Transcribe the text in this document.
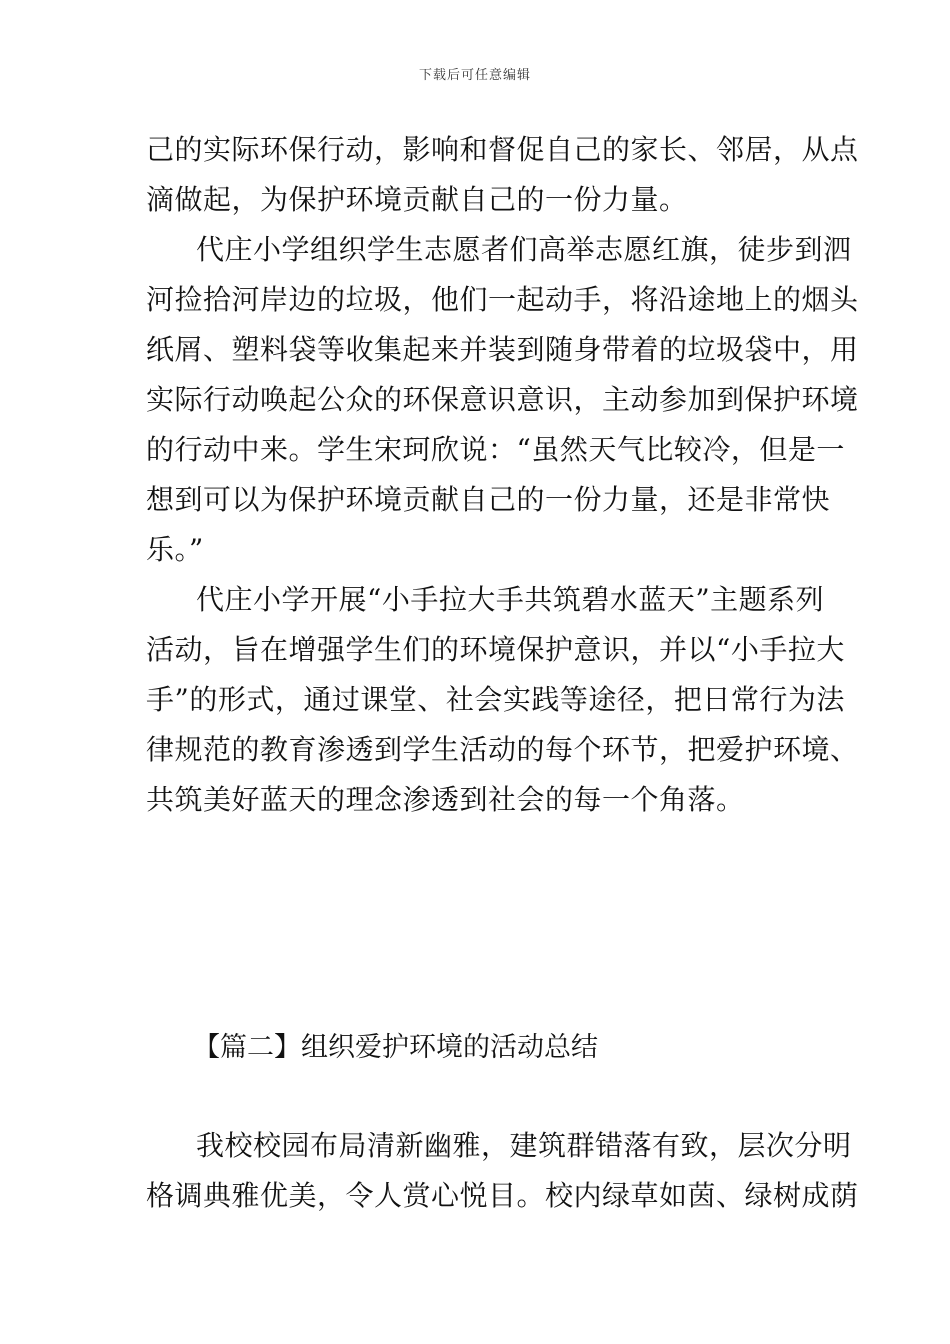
下载后可任意编辑
己的实际环保行动，影响和督促自己的家长、邻居，从点
滴做起，为保护环境贡献自己的一份力量。
代庄小学组织学生志愿者们高举志愿红旗，徒步到泗
河捡拾河岸边的垃圾，他们一起动手，将沿途地上的烟头
纸屑、塑料袋等收集起来并装到随身带着的垃圾袋中，用
实际行动唤起公众的环保意识意识，主动参加到保护环境
的行动中来。学生宋珂欣说：“虽然天气比较冷，但是一
想到可以为保护环境贡献自己的一份力量，还是非常快
乐。”
代庄小学开展“小手拉大手共筑碧水蓝天”主题系列
活动，旨在增强学生们的环境保护意识，并以“小手拉大
手”的形式，通过课堂、社会实践等途径，把日常行为法
律规范的教育渗透到学生活动的每个环节，把爱护环境、
共筑美好蓝天的理念渗透到社会的每一个角落。
【篇二】组织爱护环境的活动总结
我校校园布局清新幽雅，建筑群错落有致，层次分明
格调典雅优美，令人赏心悦目。校内绿草如茵、绿树成荫
